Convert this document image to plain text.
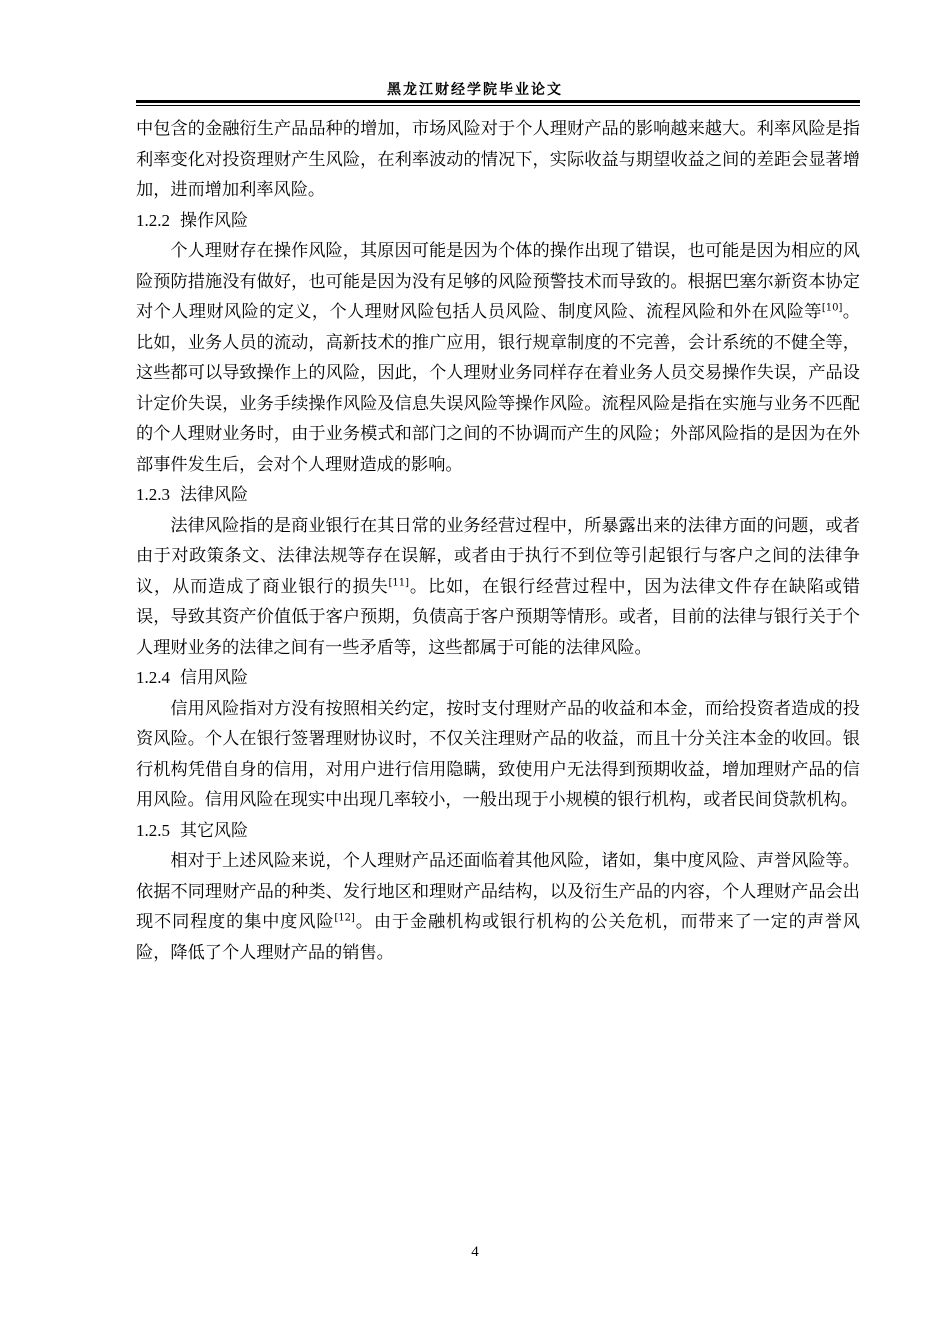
黑龙江财经学院毕业论文

中包含的金融衍生产品品种的增加，市场风险对于个人理财产品的影响越来越大。利率风险是指利率变化对投资理财产生风险，在利率波动的情况下，实际收益与期望收益之间的差距会显著增加，进而增加利率风险。

1.2.2 操作风险

个人理财存在操作风险，其原因可能是因为个体的操作出现了错误，也可能是因为相应的风险预防措施没有做好，也可能是因为没有足够的风险预警技术而导致的。根据巴塞尔新资本协定对个人理财风险的定义，个人理财风险包括人员风险、制度风险、流程风险和外在风险等[10]。比如，业务人员的流动，高新技术的推广应用，银行规章制度的不完善，会计系统的不健全等，这些都可以导致操作上的风险，因此，个人理财业务同样存在着业务人员交易操作失误，产品设计定价失误，业务手续操作风险及信息失误风险等操作风险。流程风险是指在实施与业务不匹配的个人理财业务时，由于业务模式和部门之间的不协调而产生的风险；外部风险指的是因为在外部事件发生后，会对个人理财造成的影响。

1.2.3 法律风险

法律风险指的是商业银行在其日常的业务经营过程中，所暴露出来的法律方面的问题，或者由于对政策条文、法律法规等存在误解，或者由于执行不到位等引起银行与客户之间的法律争议，从而造成了商业银行的损失[11]。比如，在银行经营过程中，因为法律文件存在缺陷或错误，导致其资产价值低于客户预期，负债高于客户预期等情形。或者，目前的法律与银行关于个人理财业务的法律之间有一些矛盾等，这些都属于可能的法律风险。

1.2.4 信用风险

信用风险指对方没有按照相关约定，按时支付理财产品的收益和本金，而给投资者造成的投资风险。个人在银行签署理财协议时，不仅关注理财产品的收益，而且十分关注本金的收回。银行机构凭借自身的信用，对用户进行信用隐瞒，致使用户无法得到预期收益，增加理财产品的信用风险。信用风险在现实中出现几率较小，一般出现于小规模的银行机构，或者民间贷款机构。

1.2.5 其它风险

相对于上述风险来说，个人理财产品还面临着其他风险，诸如，集中度风险、声誉风险等。依据不同理财产品的种类、发行地区和理财产品结构，以及衍生产品的内容，个人理财产品会出现不同程度的集中度风险[12]。由于金融机构或银行机构的公关危机，而带来了一定的声誉风险，降低了个人理财产品的销售。

4
